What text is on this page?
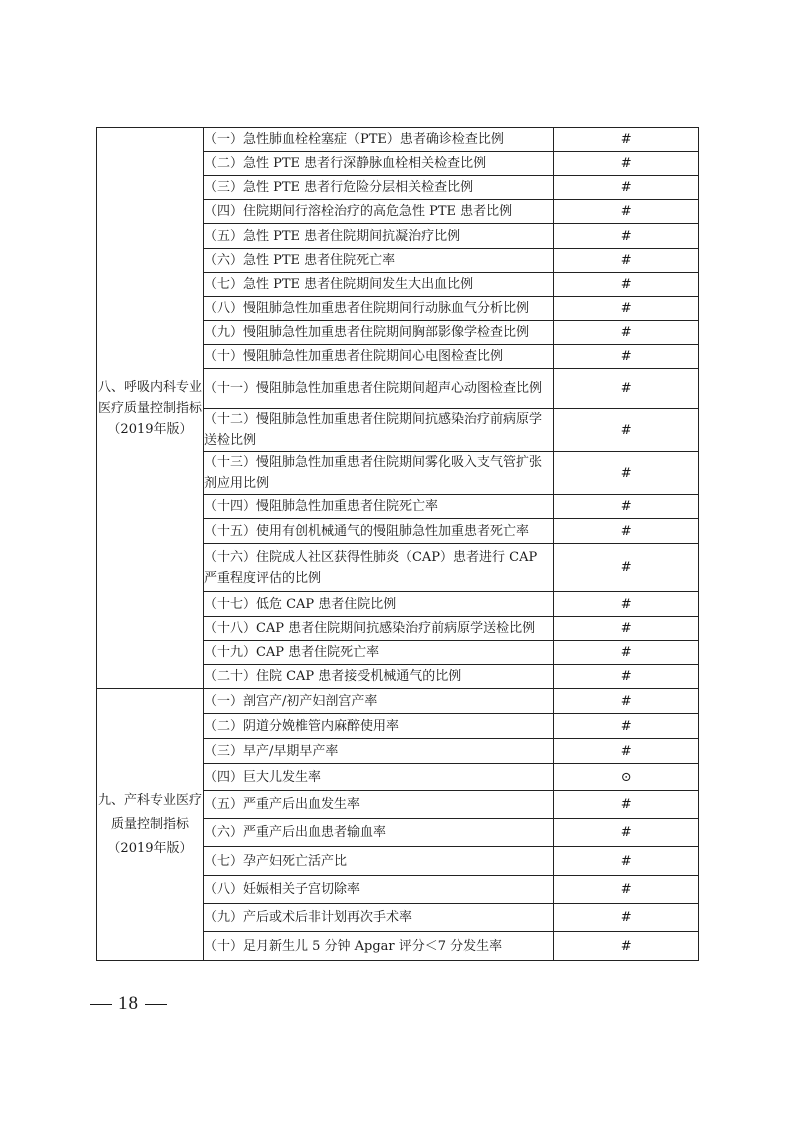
八、呼吸内科专业医疗质量控制指标（2019年版）	（一）急性肺血栓栓塞症（PTE）患者确诊检查比例	#
	（二）急性 PTE 患者行深静脉血栓相关检查比例	#
	（三）急性 PTE 患者行危险分层相关检查比例	#
	（四）住院期间行溶栓治疗的高危急性 PTE 患者比例	#
	（五）急性 PTE 患者住院期间抗凝治疗比例	#
	（六）急性 PTE 患者住院死亡率	#
	（七）急性 PTE 患者住院期间发生大出血比例	#
	（八）慢阻肺急性加重患者住院期间行动脉血气分析比例	#
	（九）慢阻肺急性加重患者住院期间胸部影像学检查比例	#
	（十）慢阻肺急性加重患者住院期间心电图检查比例	#
	（十一）慢阻肺急性加重患者住院期间超声心动图检查比例	#
	（十二）慢阻肺急性加重患者住院期间抗感染治疗前病原学送检比例	#
	（十三）慢阻肺急性加重患者住院期间雾化吸入支气管扩张剂应用比例	#
	（十四）慢阻肺急性加重患者住院死亡率	#
	（十五）使用有创机械通气的慢阻肺急性加重患者死亡率	#
	（十六）住院成人社区获得性肺炎（CAP）患者进行 CAP 严重程度评估的比例	#
	（十七）低危 CAP 患者住院比例	#
	（十八）CAP 患者住院期间抗感染治疗前病原学送检比例	#
	（十九）CAP 患者住院死亡率	#
	（二十）住院 CAP 患者接受机械通气的比例	#
九、产科专业医疗质量控制指标（2019年版）	（一）剖宫产/初产妇剖宫产率	#
	（二）阴道分娩椎管内麻醉使用率	#
	（三）早产/早期早产率	#
	（四）巨大儿发生率	⊙
	（五）严重产后出血发生率	#
	（六）严重产后出血患者输血率	#
	（七）孕产妇死亡活产比	#
	（八）妊娠相关子宫切除率	#
	（九）产后或术后非计划再次手术率	#
	（十）足月新生儿 5 分钟 Apgar 评分＜7 分发生率	#
18
